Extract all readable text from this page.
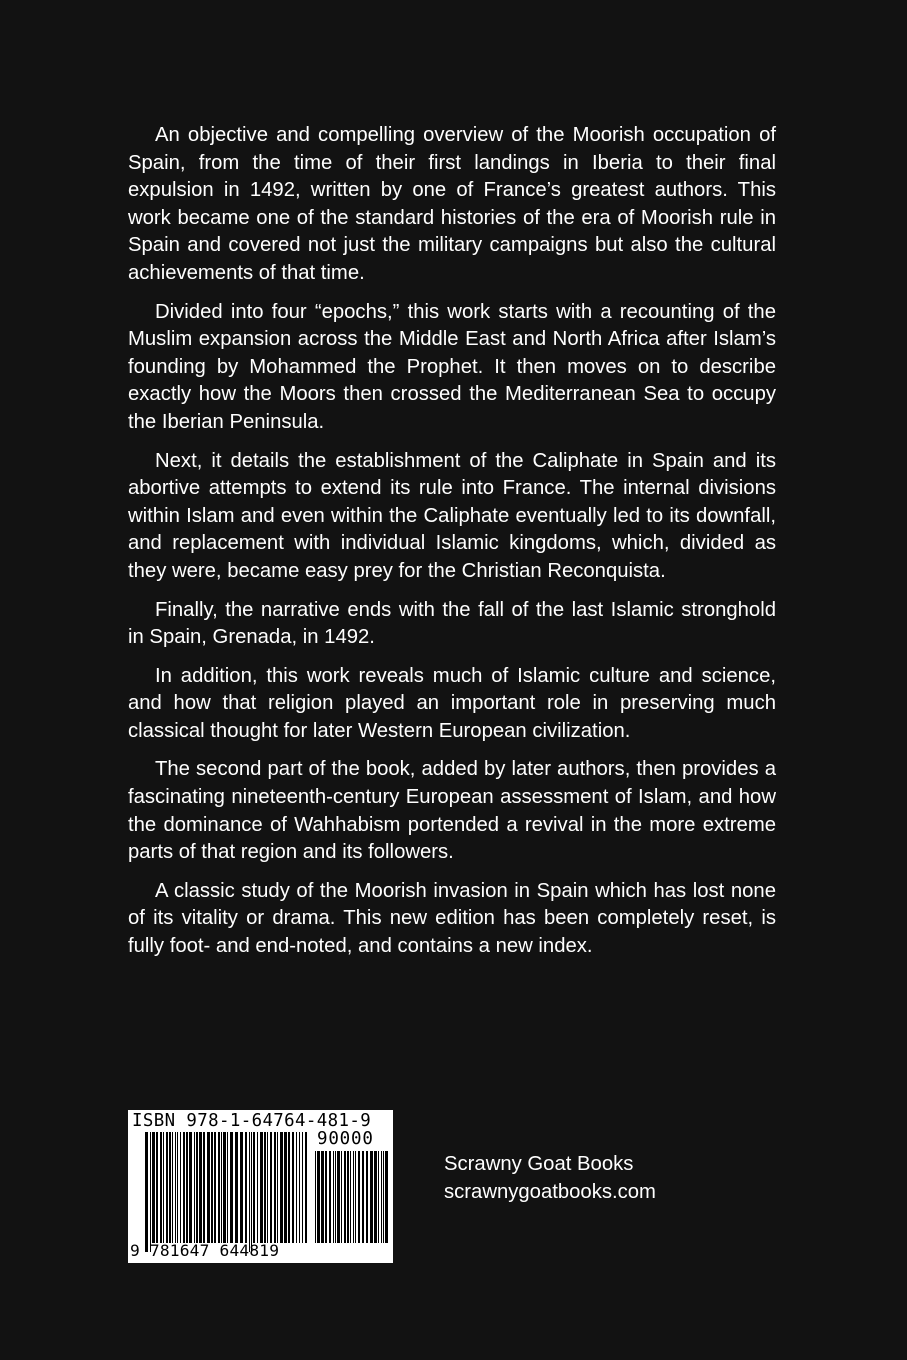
An objective and compelling overview of the Moorish occupation of Spain, from the time of their first landings in Iberia to their final expulsion in 1492, written by one of France’s greatest authors. This work became one of the standard histories of the era of Moorish rule in Spain and covered not just the military campaigns but also the cultural achievements of that time.

Divided into four “epochs,” this work starts with a recounting of the Muslim expansion across the Middle East and North Africa after Islam’s founding by Mohammed the Prophet. It then moves on to describe exactly how the Moors then crossed the Mediterranean Sea to occupy the Iberian Peninsula.

Next, it details the establishment of the Caliphate in Spain and its abortive attempts to extend its rule into France. The internal divisions within Islam and even within the Caliphate eventually led to its downfall, and replacement with individual Islamic kingdoms, which, divided as they were, became easy prey for the Christian Reconquista.

Finally, the narrative ends with the fall of the last Islamic stronghold in Spain, Grenada, in 1492.

In addition, this work reveals much of Islamic culture and science, and how that religion played an important role in preserving much classical thought for later Western European civilization.

The second part of the book, added by later authors, then provides a fascinating nineteenth-century European assessment of Islam, and how the dominance of Wahhabism portended a revival in the more extreme parts of that region and its followers.

A classic study of the Moorish invasion in Spain which has lost none of its vitality or drama. This new edition has been completely reset, is fully foot- and end-noted, and contains a new index.

ISBN 978-1-64764-481-9
90000
9 781647 644819
Scrawny Goat Books
scrawnygoatbooks.com
